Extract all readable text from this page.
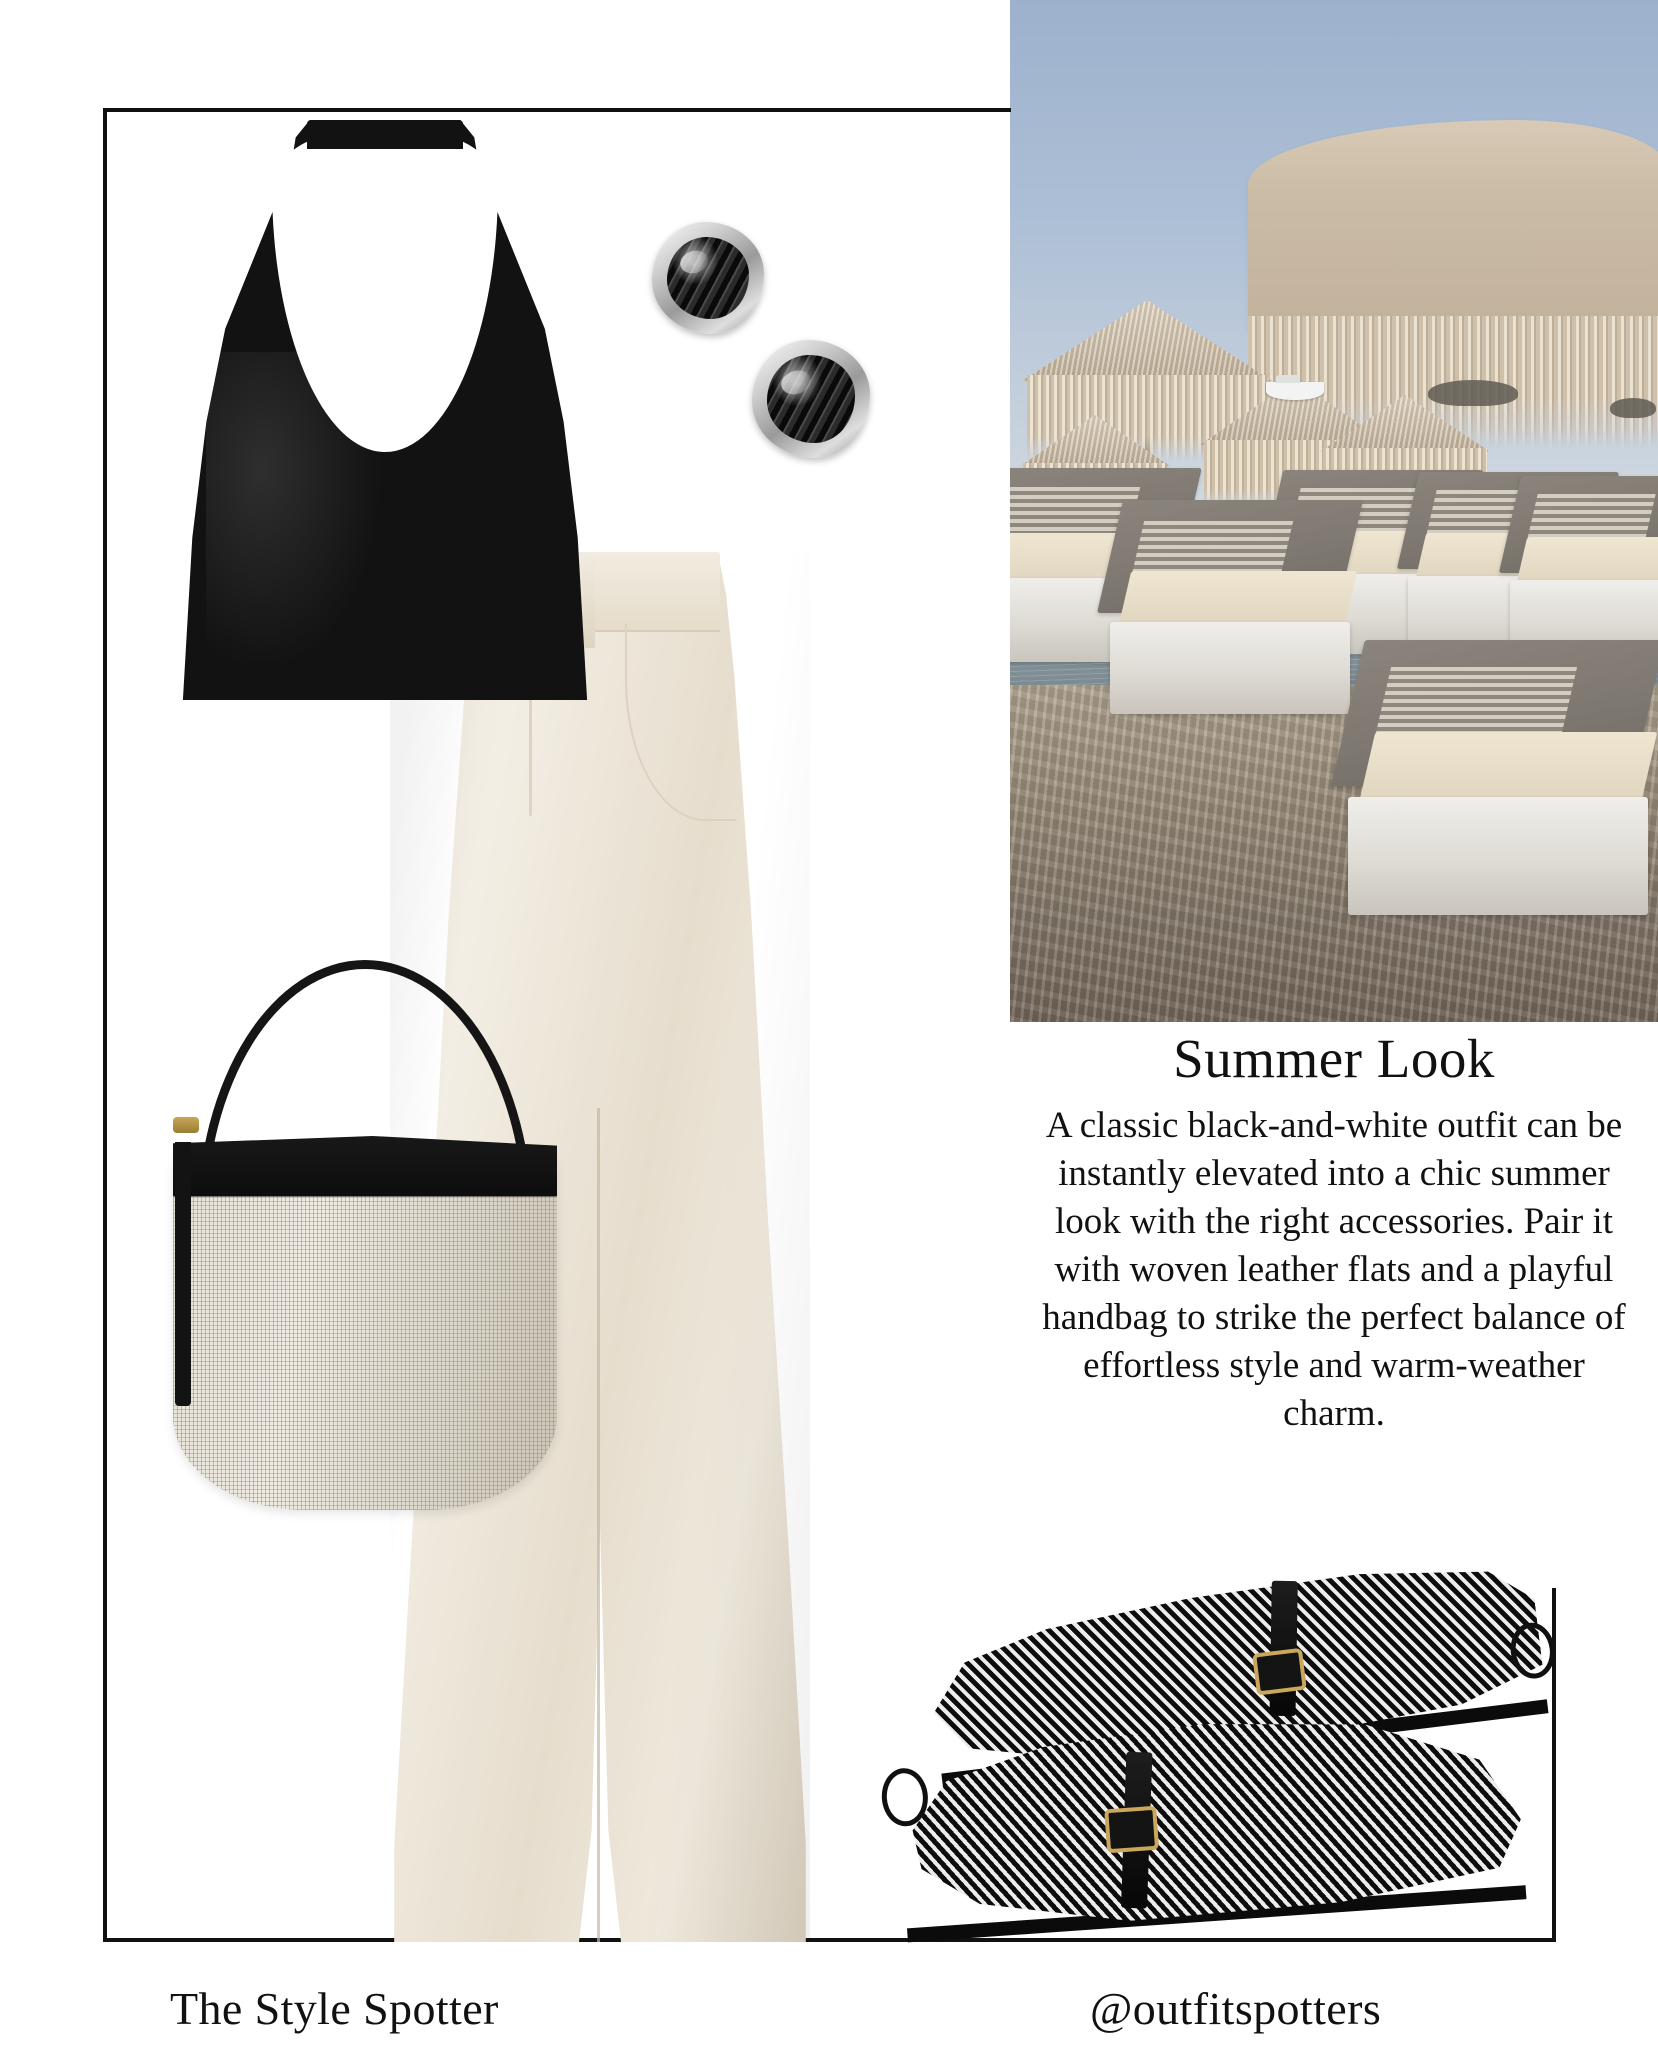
Summer Look

A classic black-and-white outfit can be instantly elevated into a chic summer look with the right accessories. Pair it with woven leather flats and a playful handbag to strike the perfect balance of effortless style and warm-weather charm.

The Style Spotter	@outfitspotters
